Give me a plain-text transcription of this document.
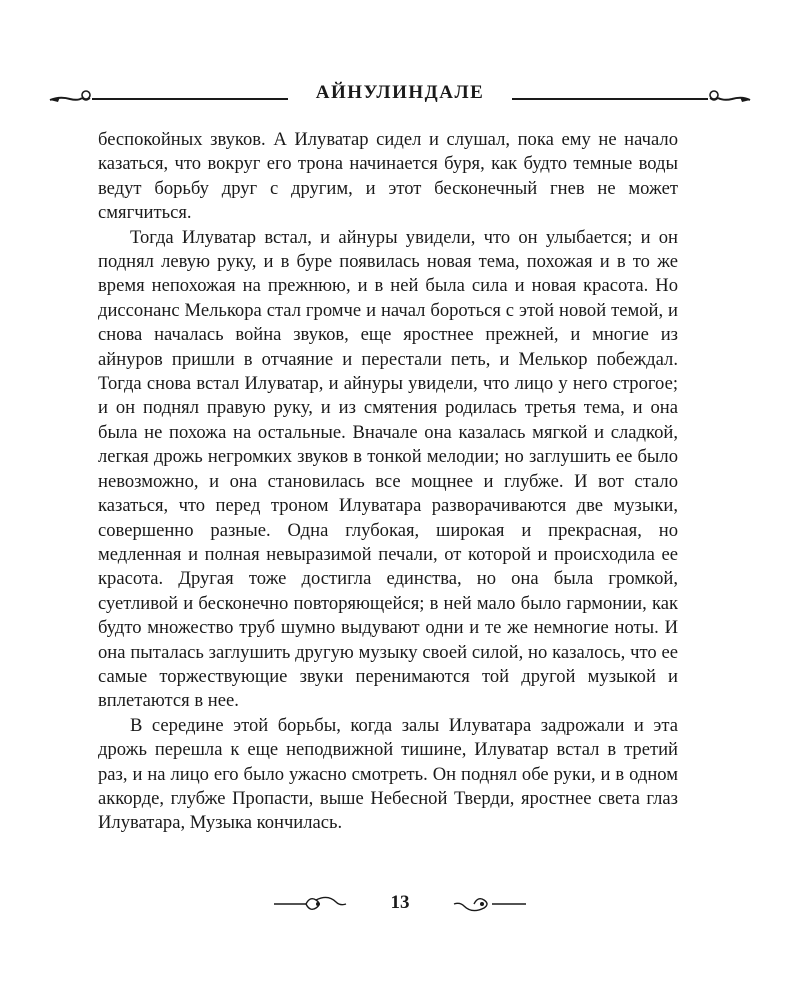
АЙНУЛИНДАЛЕ

беспокойных звуков. А Илуватар сидел и слушал, пока ему не начало казаться, что вокруг его трона начинается буря, как будто темные воды ведут борьбу друг с другим, и этот бесконечный гнев не может смягчиться.

Тогда Илуватар встал, и айнуры увидели, что он улыбается; и он поднял левую руку, и в буре появилась новая тема, похожая и в то же время непохожая на прежнюю, и в ней была сила и новая красота. Но диссонанс Мелькора стал громче и начал бороться с этой новой темой, и снова началась война звуков, еще яростнее прежней, и многие из айнуров пришли в отчаяние и перестали петь, и Мелькор побеждал. Тогда снова встал Илуватар, и айнуры увидели, что лицо у него строгое; и он поднял правую руку, и из смятения родилась третья тема, и она была не похожа на остальные. Вначале она казалась мягкой и сладкой, легкая дрожь негромких звуков в тонкой мелодии; но заглушить ее было невозможно, и она становилась все мощнее и глубже. И вот стало казаться, что перед троном Илуватара разворачиваются две музыки, совершенно разные. Одна глубокая, широкая и прекрасная, но медленная и полная невыразимой печали, от которой и происходила ее красота. Другая тоже достигла единства, но она была громкой, суетливой и бесконечно повторяющейся; в ней мало было гармонии, как будто множество труб шумно выдувают одни и те же немногие ноты. И она пыталась заглушить другую музыку своей силой, но казалось, что ее самые торжествующие звуки перенимаются той другой музыкой и вплетаются в нее.

В середине этой борьбы, когда залы Илуватара задрожали и эта дрожь перешла к еще неподвижной тишине, Илуватар встал в третий раз, и на лицо его было ужасно смотреть. Он поднял обе руки, и в одном аккорде, глубже Пропасти, выше Небесной Тверди, яростнее света глаз Илуватара, Музыка кончилась.

13
